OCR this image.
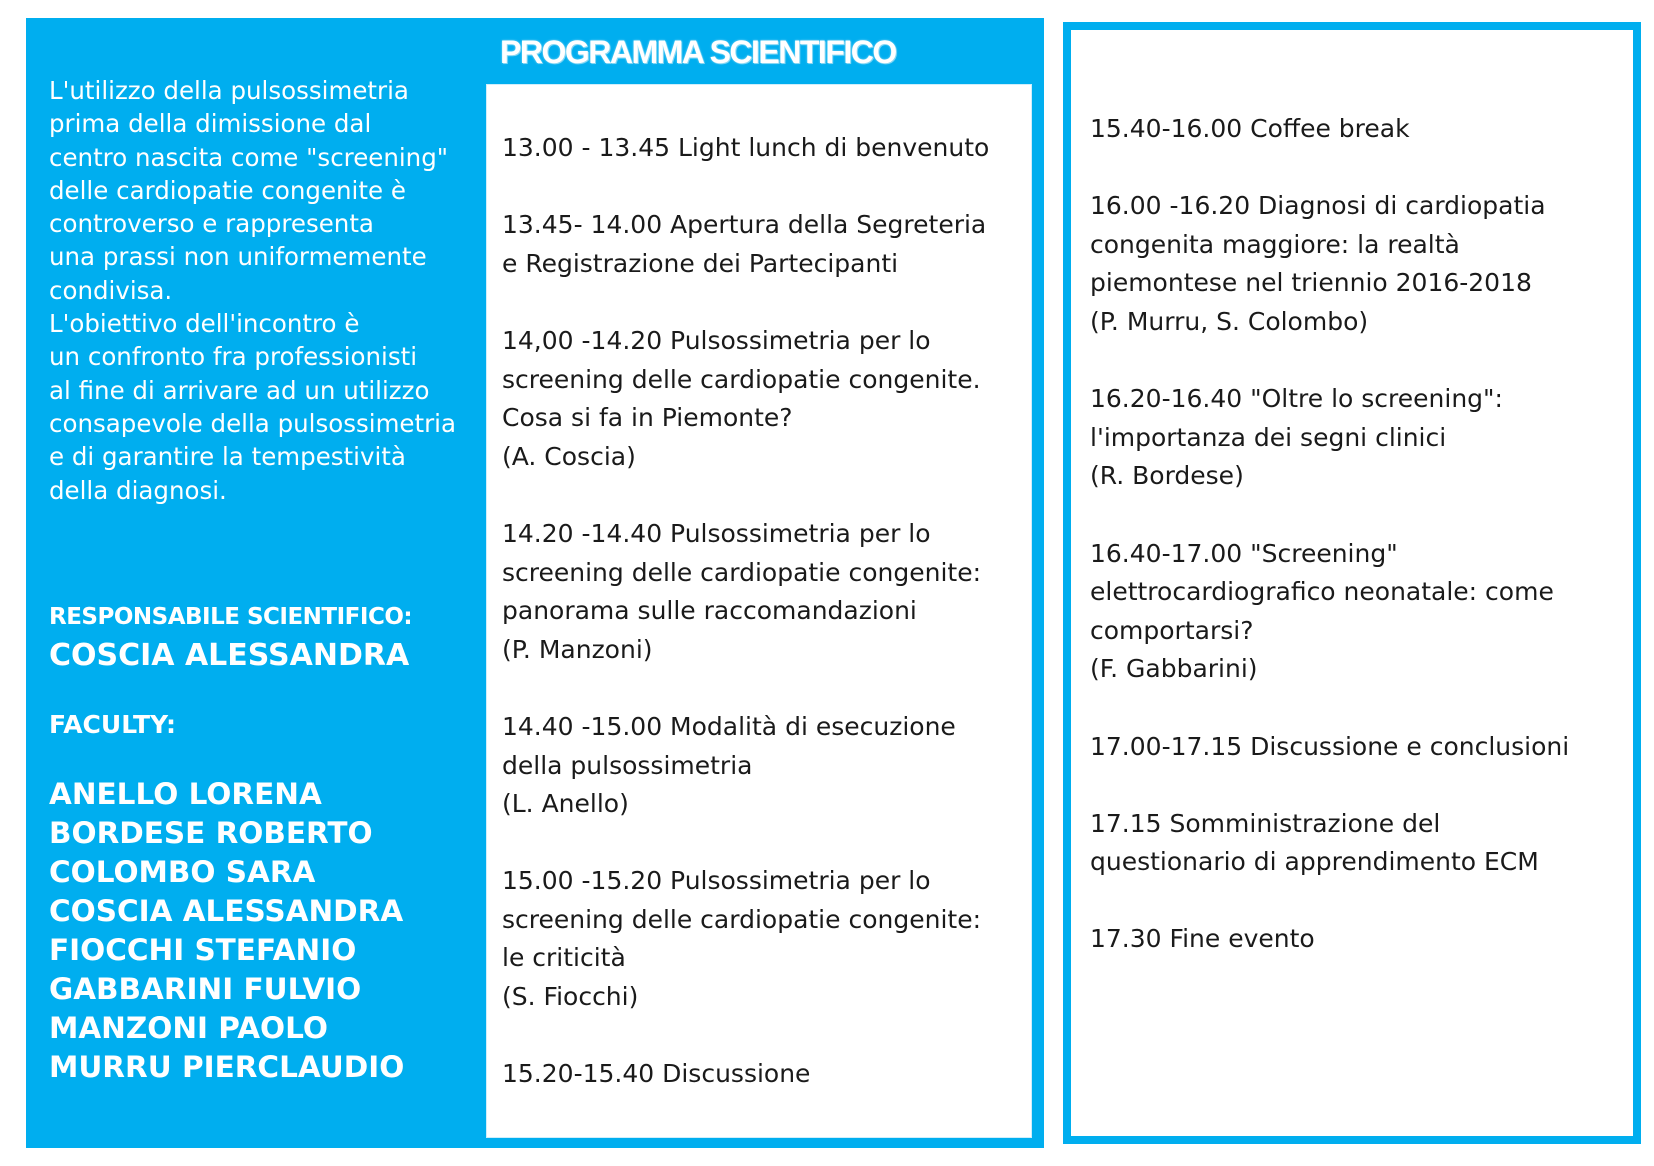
PROGRAMMA SCIENTIFICO
L'utilizzo della pulsossimetria
prima della dimissione dal
centro nascita come "screening"
delle cardiopatie congenite è
controverso e rappresenta
una prassi non uniformemente
condivisa.
L'obiettivo dell'incontro è
un confronto fra professionisti
al fine di arrivare ad un utilizzo
consapevole della pulsossimetria
e di garantire la tempestività
della diagnosi.
RESPONSABILE SCIENTIFICO:
COSCIA ALESSANDRA
FACULTY:
ANELLO LORENA
BORDESE ROBERTO
COLOMBO SARA
COSCIA ALESSANDRA
FIOCCHI STEFANIO
GABBARINI FULVIO
MANZONI PAOLO
MURRU PIERCLAUDIO
13.00 - 13.45 Light lunch di benvenuto
13.45- 14.00 Apertura della Segreteria
e Registrazione dei Partecipanti
14,00 -14.20 Pulsossimetria per lo
screening delle cardiopatie congenite.
Cosa si fa in Piemonte?
(A. Coscia)
14.20 -14.40 Pulsossimetria per lo
screening delle cardiopatie congenite:
panorama sulle raccomandazioni
(P. Manzoni)
14.40 -15.00 Modalità di esecuzione
della pulsossimetria
(L. Anello)
15.00 -15.20 Pulsossimetria per lo
screening delle cardiopatie congenite:
le criticità
(S. Fiocchi)
15.20-15.40 Discussione
15.40-16.00 Coffee break
16.00 -16.20 Diagnosi di cardiopatia
congenita maggiore: la realtà
piemontese nel triennio 2016-2018
(P. Murru, S. Colombo)
16.20-16.40 "Oltre lo screening":
l'importanza dei segni clinici
(R. Bordese)
16.40-17.00 "Screening"
elettrocardiografico neonatale: come
comportarsi?
(F. Gabbarini)
17.00-17.15 Discussione e conclusioni
17.15 Somministrazione del
questionario di apprendimento ECM
17.30 Fine evento
